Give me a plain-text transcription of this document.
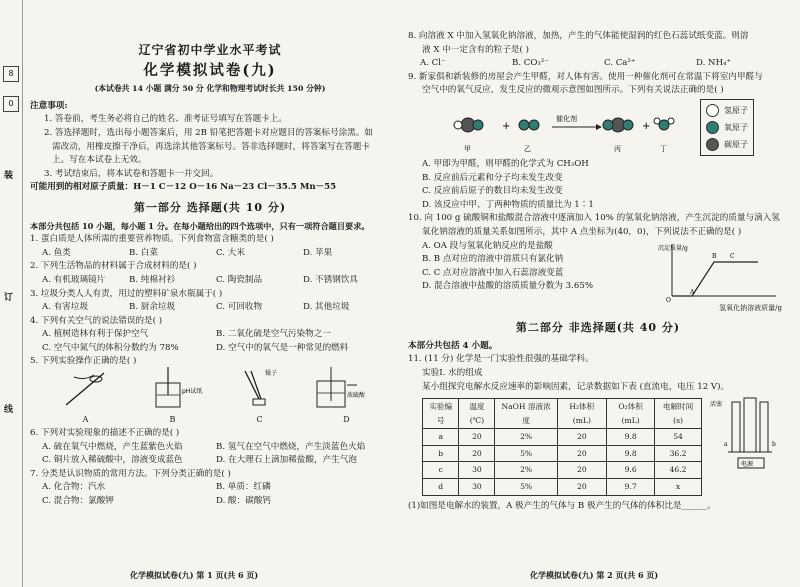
8
0
装
订
线
辽宁省初中学业水平考试
化学模拟试卷(九)
(本试卷共 14 小题 满分 50 分 化学和物理考试时长共 150 分钟)
注意事项:
1. 答卷前，考生务必将自己的姓名、准考证号填写在答题卡上。
2. 答选择题时，选出每小题答案后，用 2B 铅笔把答题卡对应题目的答案标号涂黑。如
需改动，用橡皮擦干净后，再选涂其他答案标号。答非选择题时，将答案写在答题卡
上。写在本试卷上无效。
3. 考试结束后，将本试卷和答题卡一并交回。
可能用到的相对原子质量：H－1 C－12 O－16 Na－23 Cl－35.5 Mn－55
第一部分 选择题(共 10 分)
本部分共包括 10 小题，每小题 1 分。在每小题给出的四个选项中，只有一项符合题目要求。
1. 蛋白质是人体所需的重要营养物质。下列食物富含糖类的是( )
A. 鱼类	B. 白菜	C. 大米	D. 苹果
2. 下列生活物品的材料属于合成材料的是( )
A. 有机玻璃镜片	B. 纯棉衬衫	C. 陶瓷制品	D. 不锈钢饮具
3. 垃圾分类人人有责，用过的塑料矿泉水瓶属于( )
A. 有害垃圾	B. 厨余垃圾	C. 可回收物	D. 其他垃圾
4. 下列有关空气的说法错误的是( )
A. 植树造林有利于保护空气	B. 二氧化硫是空气污染物之一
C. 空气中氮气的体积分数约为 78%	D. 空气中的氧气是一种常见的燃料
5. 下列实验操作正确的是( )
A
pH试纸
B
镊子
C
浓硫酸
D
6. 下列对实验现象的描述不正确的是( )
A. 硫在氧气中燃烧，产生蓝紫色火焰	B. 氢气在空气中燃烧，产生淡蓝色火焰
C. 铜片放入稀硫酸中，溶液变成蓝色	D. 在大理石上滴加稀盐酸，产生气泡
7. 分类是认识物质的常用方法。下列分类正确的是( )
A. 化合物：汽水	B. 单质：红磷
C. 混合物：氯酸钾	D. 酸：碳酸钙
化学模拟试卷(九) 第 1 页(共 6 页)
8. 向溶液 X 中加入氢氧化钠溶液，加热，产生的气体能使湿润的红色石蕊试纸变蓝。则溶
液 X 中一定含有的粒子是( )
A. Cl⁻	B. CO₃²⁻	C. Ca²⁺	D. NH₄⁺
9. 新家俱和新装修的房屋会产生甲醛，对人体有害。使用一种催化剂可在常温下将室内甲醛与
空气中的氧气反应，发生反应的微观示意图如图所示。下列有关说法正确的是( )
+
催化剂
+
甲	乙	丙	丁
氢原子
氧原子
碳原子
A. 甲即为甲醛，则甲醛的化学式为 CH₃OH
B. 反应前后元素和分子均未发生改变
C. 反应前后原子的数目均未发生改变
D. 该反应中甲、丁两种物质的质量比为 1∶1
10. 向 100 g 硫酸铜和盐酸混合溶液中逐滴加入 10% 的氢氧化钠溶液，产生沉淀的质量与滴入氢
氧化钠溶液的质量关系如图所示，其中 A 点坐标为(40，0)，下列说法不正确的是( )
A. OA 段与氢氧化钠反应的是盐酸
B. B 点对应的溶液中溶质只有氯化钠
C. C 点对应溶液中加入石蕊溶液变蓝
D. 混合溶液中盐酸的溶质质量分数为 3.65%
沉淀质量/g
O
A
B C
氢氧化钠溶液质量/g
第二部分 非选择题(共 40 分)
本部分共包括 4 小题。
11. (11 分) 化学是一门实验性很强的基础学科。
实验Ⅰ. 水的组成
某小组探究电解水反应速率的影响因素，记录数据如下表 (直流电，电压 12 V)。
实验编号	温度(℃)	NaOH 溶液浓度	H₂体积(mL)	O₂体积(mL)	电解时间(s)
a	20	2%	20	9.8	54
b	20	5%	20	9.8	36.2
c	30	2%	20	9.6	46.2
d	30	5%	20	9.7	x
活塞
电源
a	b
(1)如图是电解水的装置，A 极产生的气体与 B 极产生的气体的体积比是______。
化学模拟试卷(九) 第 2 页(共 6 页)
